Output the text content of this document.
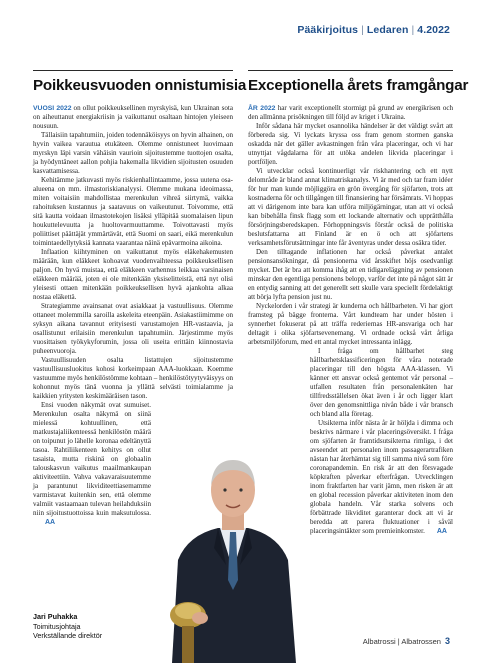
Pääkirjoitus | Ledaren | 4.2022
Poikkeusvuoden onnistumisia

VUOSI 2022 on ollut poikkeuksellinen myrskyisä, kun Ukrainan sota on aiheuttanut energiakriisin ja vaikuttanut osaltaan hintojen yleiseen nousuun.

Tällaisiin tapahtumiin, joiden todennäköisyys on hyvin alhainen, on hyvin vaikea varautua etukäteen. Olemme onnistuneet luovimaan myrskyn läpi varsin vähäisin vaurioin sijoitustemme tuottojen osalta, ja hyödyntäneet aallon pohjia hakemalla likvidien sijoitusten osuuden kasvattamisessa.

Kehitämme jatkuvasti myös riskienhallintaamme, jossa uutena osa-alueena on mm. ilmastoriskianalyysi. Olemme mukana ideoimassa, miten voitaisiin mahdollistaa merenkulun vihreä siirtymä, vaikka rahoituksen kustannus ja saatavuus on vaikeutunut. Toivomme, että sitä kautta voidaan ilmastotekojen lisäksi ylläpitää suomalaisen lipun houkuttelevuutta ja huoltovarmuuttamme. Toivottavasti myös poliittiset päättäjät ymmärtävät, että Suomi on saari, eikä merenkulun toimintaedellytyksiä kannata vaarantaa näinä epävarmoina aikoina.

Inflaation kiihtyminen on vaikuttanut myös eläkehakemusten määrään, kun eläkkeet kohoavat vuodenvaihteessa poikkeuksellisen paljon. On hyvä muistaa, että eläkkeen varhennus leikkaa varsinaisen eläkkeen määrää, joten ei ole mitenkään yksiselitteistä, että nyt olisi yleisesti ottaen mitenkään poikkeuksellisen hyvä ajankohta alkaa nostaa eläkettä.

Strategiamme avainsanat ovat asiakkaat ja vastuullisuus. Olemme ottaneet molemmilla saroilla askeleita eteenpäin. Asiakastiimimme on syksyn aikana tavannut erityisesti varustamojen HR-vastaavia, ja osallistunut erilaisiin merenkulun tapahtumiin. Järjestimme myös vuosittaisen työkykyforumin, jossa oli useita erittäin kiinnostavia puheenvuoroja.

Vastuullisuuden osalta listattujen sijoitustemme vastuullisuusluokitus kohosi korkeimpaan AAA-luokkaan. Koemme vastuumme myös henkilöstömme kohtaan – henkilöstötyytyväisyys on kohonnut myös tänä vuonna ja yllättä selvästi toimialamme ja kaikkien yritysten keskimääräisen tason.

Ensi vuoden näkymät ovat sumuiset. Merenkulun osalta näkymä on siinä mielessä kohtuullinen, että matkustajaliikenteessä henkilöstön määrä on toipunut jo lähelle koronaa edeltänyttä tasoa. Rahtiliikenteen kehitys on ollut tasaista, mutta riskinä on globaalin talouskasvun vaikutus maailmankaupan aktiviteettiin. Vahva vakavaraisuutemme ja parantunut likviditeettiasemamme varmistavat kuitenkin sen, että olemme valmiit vastaamaan tulevan heilahduksiin niin sijoitustuottoissa kuin maksutulossa.AA

Exceptionella årets framgångar

ÅR 2022 har varit exceptionellt stormigt på grund av energikrisen och den allmänna prisökningen till följd av kriget i Ukraina.

Inför sådana här mycket osannolika händelser är det väldigt svårt att förbereda sig. Vi lyckats kryssa oss fram genom stormen ganska oskadda när det gäller avkastningen från våra placeringar, och vi har utnyttjat vågdalarna för att utöka andelen likvida placeringar i portföljen.

Vi utvecklar också kontinuerligt vår riskhantering och ett nytt delområde är bland annat klimatriskanalys. Vi är med och tar fram idéer för hur man kunde möjliggöra en grön övergång för sjöfarten, trots att kostnaderna för och tillgången till finansiering har försämrats. Vi hoppas att vi därigenom inte bara kan utföra miljögärningar, utan att vi också kan bibehålla finsk flagg som ett lockande alternativ och upprätthålla försörjningsberedskapen. Förhoppningsvis förstår också de politiska beslutsfattarna att Finland är en ö och att sjöfartens verksamhetsförutsättningar inte får äventyras under dessa osäkra tider.

Den tilltagande inflationen har också påverkat antalet pensionsansökningar, då pensionerna vid årsskiftet höjs osedvanligt mycket. Det är bra att komma ihåg att en tidigareläggning av pensionen minskar den egentliga pensionens belopp, varför det inte på något sätt är en entydig sanning att det generellt sett skulle vara speciellt fördelaktigt att börja lyfta pension just nu.

Nyckelorden i vår strategi är kunderna och hållbarheten. Vi har gjort framsteg på bägge fronterna. Vårt kundteam har under hösten i synnerhet fokuserat på att träffa rederiernas HR-ansvariga och har deltagit i olika sjöfartsevenemang. Vi ordnade också vårt årliga arbetsmiljöforum, med ett antal mycket intressanta inlägg.

I fråga om hållbarhet steg hållbarhetsklassificeringen för våra noterade placeringar till den högsta AAA-klassen. Vi känner ett ansvar också gentemot vår personal – utfallen resultaten från personalenkäten har tillfredsställelsen ökat även i år och ligger klart över den genomsnittliga nivån både i vår bransch och bland alla företag.

Utsikterna inför nästa år är höljda i dimma och beskrivs närmare i vår placeringsöversikt. I fråga om sjöfarten är framtidsutsikterna rimliga, i det avseendet att personalen inom passagerartrafiken nästan har återhämtat sig till samma nivå som före coronapandemin. En risk är att den försvagade köpkraften påverkar efterfrågan. Utvecklingen inom fraktfarten har varit jämn, men risken är att en global recession påverkar aktiviteten inom den globala handeln. Vår starka solvens och förbättrade likviditet garanterar dock att vi är beredda att parera fluktuationer i såväl placeringsintäkter som premieinkomster. AA

Jari Puhakka
Toimitusjohtaja
Verkställande direktör
Albatrossi | Albatrossen 3
